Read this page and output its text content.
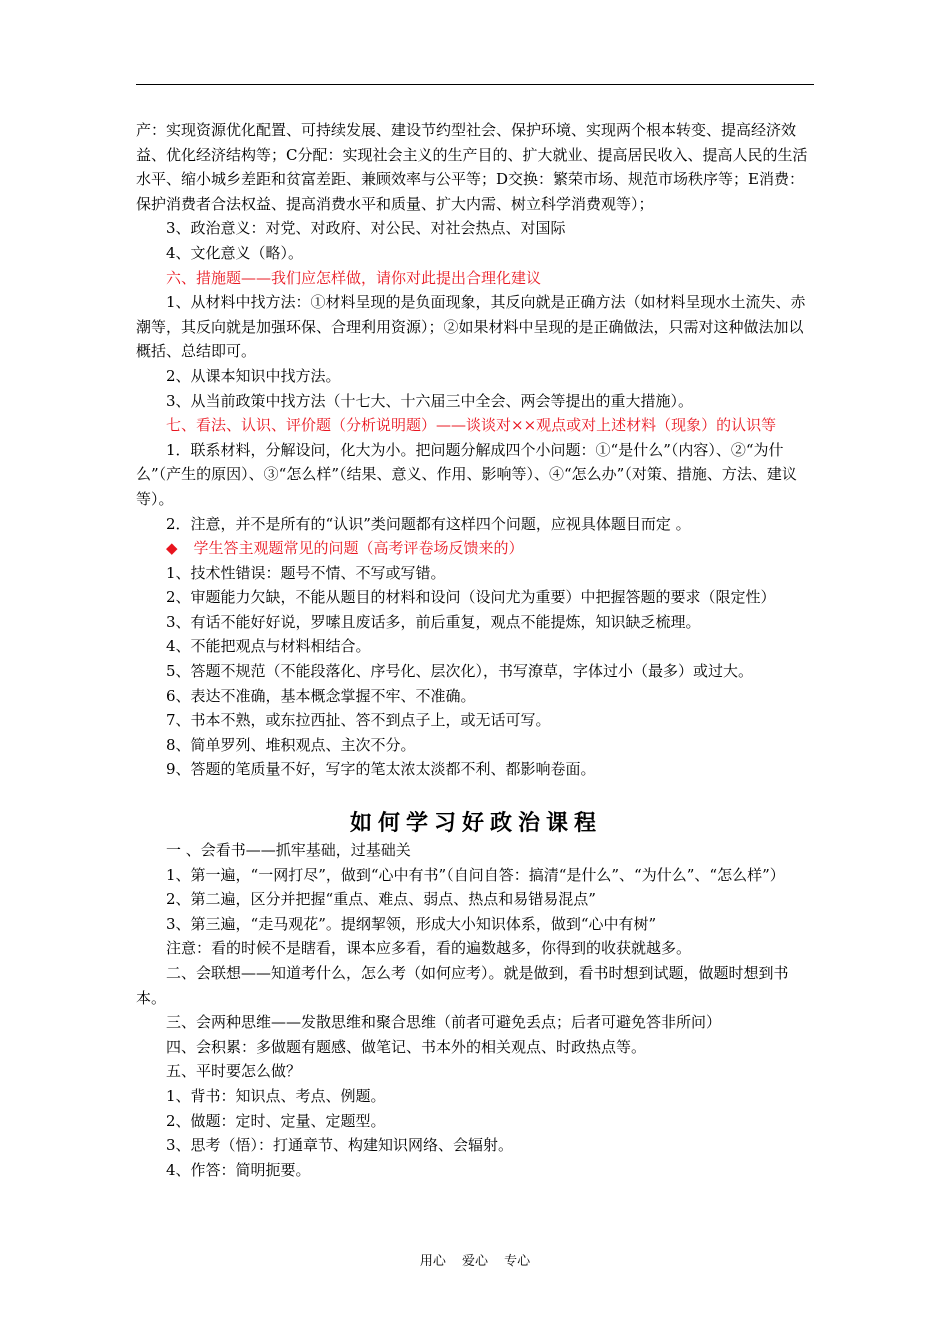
产：实现资源优化配置、可持续发展、建设节约型社会、保护环境、实现两个根本转变、提高经济效益、优化经济结构等；C分配：实现社会主义的生产目的、扩大就业、提高居民收入、提高人民的生活水平、缩小城乡差距和贫富差距、兼顾效率与公平等；D交换：繁荣市场、规范市场秩序等；E消费：保护消费者合法权益、提高消费水平和质量、扩大内需、树立科学消费观等）；

3、政治意义：对党、对政府、对公民、对社会热点、对国际

4、文化意义（略）。

六、措施题——我们应怎样做，请你对此提出合理化建议

1、从材料中找方法：①材料呈现的是负面现象，其反向就是正确方法（如材料呈现水土流失、赤潮等，其反向就是加强环保、合理利用资源）；②如果材料中呈现的是正确做法，只需对这种做法加以概括、总结即可。

2、从课本知识中找方法。

3、从当前政策中找方法（十七大、十六届三中全会、两会等提出的重大措施）。

七、看法、认识、评价题（分析说明题）——谈谈对××观点或对上述材料（现象）的认识等

1．联系材料，分解设问，化大为小。把问题分解成四个小问题：①“是什么”（内容）、②“为什么”（产生的原因）、③“怎么样”（结果、意义、作用、影响等）、④“怎么办”（对策、措施、方法、建议等）。

2．注意，并不是所有的“认识”类问题都有这样四个问题，应视具体题目而定 。

◆ 学生答主观题常见的问题（高考评卷场反馈来的）

1、技术性错误：题号不情、不写或写错。

2、审题能力欠缺，不能从题目的材料和设问（设问尤为重要）中把握答题的要求（限定性）

3、有话不能好好说，罗嗦且废话多，前后重复，观点不能提炼，知识缺乏梳理。

4、不能把观点与材料相结合。

5、答题不规范（不能段落化、序号化、层次化），书写潦草，字体过小（最多）或过大。

6、表达不准确，基本概念掌握不牢、不准确。

7、书本不熟，或东拉西扯、答不到点子上，或无话可写。

8、简单罗列、堆积观点、主次不分。

9、答题的笔质量不好，写字的笔太浓太淡都不利、都影响卷面。

如何学习好政治课程

一 、会看书——抓牢基础，过基础关

1、第一遍，“一网打尽”，做到“心中有书”（自问自答：搞清“是什么”、“为什么”、“怎么样”）

2、第二遍，区分并把握“重点、难点、弱点、热点和易错易混点”

3、第三遍，“走马观花”。提纲挈领，形成大小知识体系，做到“心中有树”

注意：看的时候不是瞎看，课本应多看，看的遍数越多，你得到的收获就越多。

二、会联想——知道考什么，怎么考（如何应考）。就是做到，看书时想到试题，做题时想到书本。

三、会两种思维——发散思维和聚合思维（前者可避免丢点；后者可避免答非所问）

四、会积累：多做题有题感、做笔记、书本外的相关观点、时政热点等。

五、平时要怎么做？

1、背书：知识点、考点、例题。

2、做题：定时、定量、定题型。

3、思考（悟）：打通章节、构建知识网络、会辐射。

4、作答：简明扼要。

用心 爱心 专心
